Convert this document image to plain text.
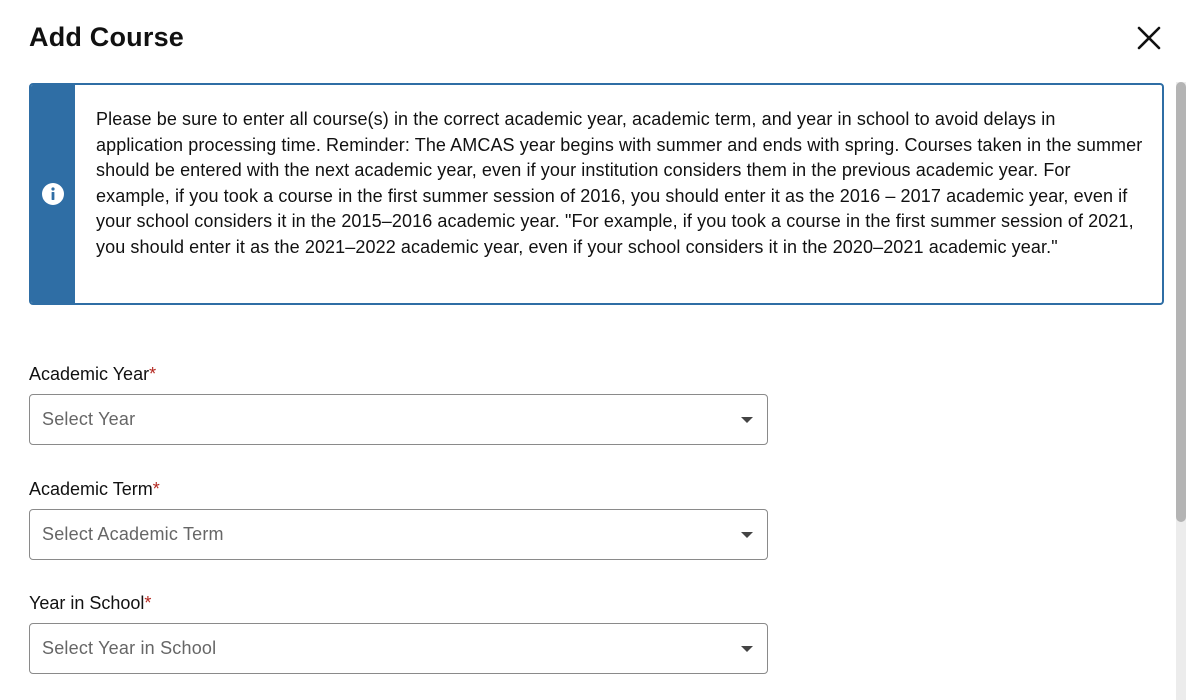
Add Course
Please be sure to enter all course(s) in the correct academic year, academic term, and year in school to avoid delays in application processing time. Reminder: The AMCAS year begins with summer and ends with spring. Courses taken in the summer should be entered with the next academic year, even if your institution considers them in the previous academic year. For example, if you took a course in the first summer session of 2016, you should enter it as the 2016 – 2017 academic year, even if your school considers it in the 2015–2016 academic year. "For example, if you took a course in the first summer session of 2021, you should enter it as the 2021–2022 academic year, even if your school considers it in the 2020–2021 academic year."
Academic Year*
Select Year
Academic Term*
Select Academic Term
Year in School*
Select Year in School
